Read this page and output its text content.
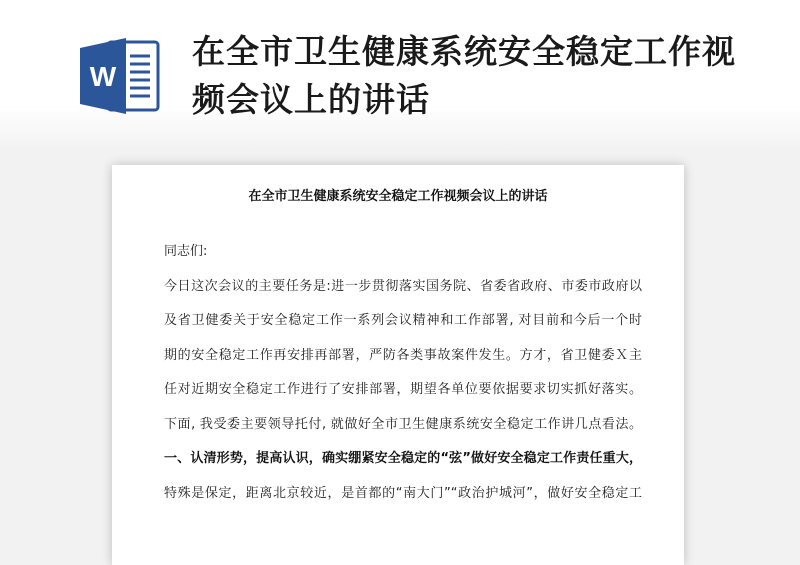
W
在全市卫生健康系统安全稳定工作视频会议上的讲话
在全市卫生健康系统安全稳定工作视频会议上的讲话
同志们:
今日这次会议的主要任务是:进一步贯彻落实国务院、省委省政府、市委市政府以
及省卫健委关于安全稳定工作一系列会议精神和工作部署, 对目前和今后一个时
期的安全稳定工作再安排再部署，严防各类事故案件发生。方才，省卫健委Ｘ主
任对近期安全稳定工作进行了安排部署，期望各单位要依据要求切实抓好落实。
下面, 我受委主要领导托付, 就做好全市卫生健康系统安全稳定工作讲几点看法。
一、认清形势，提高认识，确实绷紧安全稳定的“弦”做好安全稳定工作责任重大，
特殊是保定，距离北京较近，是首都的“南大门”“政治护城河”，做好安全稳定工
